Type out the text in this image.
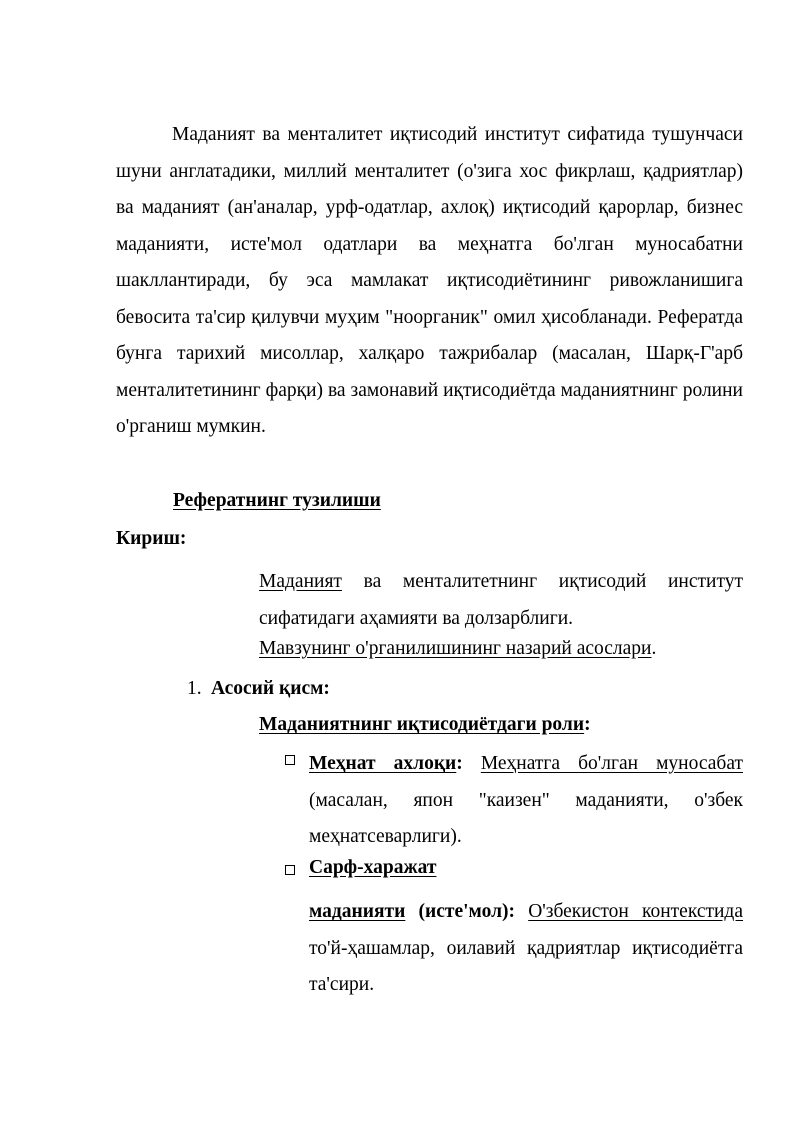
Маданият ва менталитет иқтисодий институт сифатида тушунчаси шуни англатадики, миллий менталитет (о'зига хос фикрлаш, қадриятлар) ва маданият (ан'аналар, урф-одатлар, ахлоқ) иқтисодий қарорлар, бизнес маданияти, исте'мол одатлари ва меҳнатга бо'лган муносабатни шакллантиради, бу эса мамлакат иқтисодиётининг ривожланишига бевосита та'сир қилувчи муҳим "ноорганик" омил ҳисобланади. Рефератда бунга тарихий мисоллар, халқаро тажрибалар (масалан, Шарқ-Г'арб менталитетининг фарқи) ва замонавий иқтисодиётда маданиятнинг ролини о'рганиш мумкин.

Рефератнинг тузилиши
Кириш:

Маданият ва менталитетнинг иқтисодий институт сифатидаги аҳамияти ва долзарблиги.

Мавзунинг о'рганилишининг назарий асослари.

1. Асосий қисм:
Маданиятнинг иқтисодиётдаги роли:

Меҳнат ахлоқи: Меҳнатга бо'лган муносабат (масалан, япон "каизен" маданияти, о'збек меҳнатсеварлиги).

Сарф-харажат

маданияти (исте'мол): О'збекистон контекстида то'й-ҳашамлар, оилавий қадриятлар иқтисодиётга та'сири.
